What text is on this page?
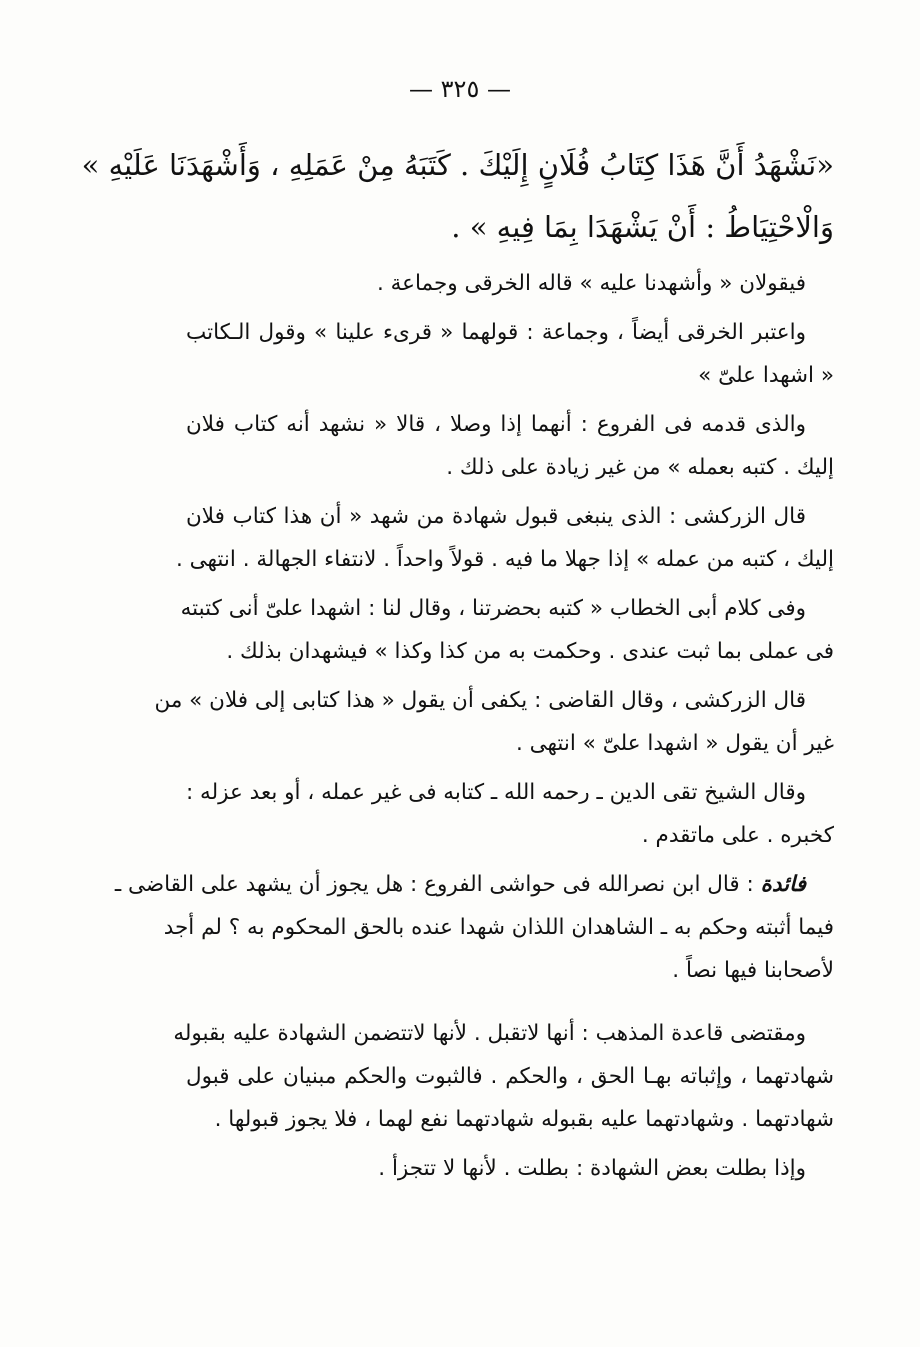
— ٣٢٥ —

«نَشْهَدُ أَنَّ هَذَا كِتَابُ فُلَانٍ إِلَيْكَ . كَتَبَهُ مِنْ عَمَلِهِ ، وَأَشْهَدَنَا عَلَيْهِ »
وَالْاحْتِيَاطُ : أَنْ يَشْهَدَا بِمَا فِيهِ » .

فيقولان « وأشهدنا عليه » قاله الخرقى وجماعة .

واعتبر الخرقى أيضاً ، وجماعة : قولهما « قرىء علينا » وقول الـكاتب
« اشهدا علىّ »

والذى قدمه فى الفروع : أنهما إذا وصلا ، قالا « نشهد أنه كتاب فلان
إليك . كتبه بعمله » من غير زيادة على ذلك .

قال الزركشى : الذى ينبغى قبول شهادة من شهد « أن هذا كتاب فلان
إليك ، كتبه من عمله » إذا جهلا ما فيه . قولاً واحداً . لانتفاء الجهالة . انتهى .

وفى كلام أبى الخطاب « كتبه بحضرتنا ، وقال لنا : اشهدا علىّ أنى كتبته
فى عملى بما ثبت عندى . وحكمت به من كذا وكذا » فيشهدان بذلك .

قال الزركشى ، وقال القاضى : يكفى أن يقول « هذا كتابى إلى فلان » من
غير أن يقول « اشهدا علىّ » انتهى .

وقال الشيخ تقى الدين ـ رحمه الله ـ كتابه فى غير عمله ، أو بعد عزله :
كخبره . على ماتقدم .

فائدة : قال ابن نصرالله فى حواشى الفروع : هل يجوز أن يشهد على القاضى ـ
فيما أثبته وحكم به ـ الشاهدان اللذان شهدا عنده بالحق المحكوم به ؟ لم أجد
لأصحابنا فيها نصاً .

ومقتضى قاعدة المذهب : أنها لاتقبل . لأنها لاتتضمن الشهادة عليه بقبوله
شهادتهما ، وإثباته بهـا الحق ، والحكم . فالثبوت والحكم مبنيان على قبول
شهادتهما . وشهادتهما عليه بقبوله شهادتهما نفع لهما ، فلا يجوز قبولها .

وإذا بطلت بعض الشهادة : بطلت . لأنها لا تتجزأ .
